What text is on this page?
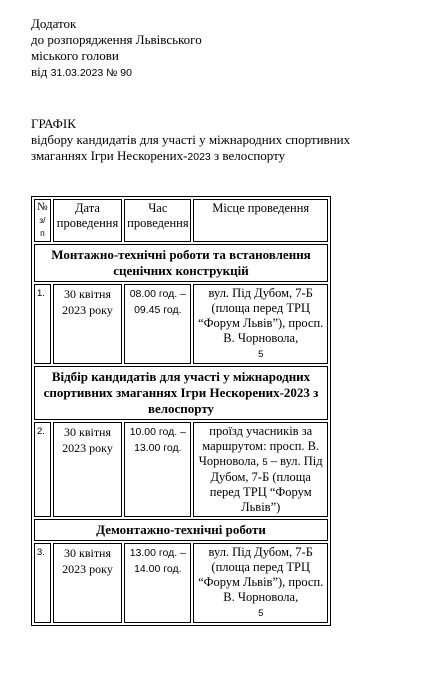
Додаток
до розпорядження Львівського
міського голови
від 31.03.2023 № 90
ГРАФІК
відбору кандидатів для участі у міжнародних спортивних
змаганнях Ігри Нескорених-2023 з велоспорту
№
з/п	Дата проведення	Час проведення	Місце проведення
Монтажно-технічні роботи та встановлення сценічних конструкцій			
1.	30 квітня 2023 року	08.00 год. – 09.45 год.	вул. Під Дубом, 7-Б (площа перед ТРЦ “Форум Львів”), просп. В. Чорновола,
5
Відбір кандидатів для участі у міжнародних спортивних змаганнях Ігри Нескорених-2023 з велоспорту			
2.	30 квітня 2023 року	10.00 год. – 13.00 год.	проїзд учасників за маршрутом: просп. В. Чорновола, 5 – вул. Під Дубом, 7-Б (площа перед ТРЦ “Форум Львів”)
Демонтажно-технічні роботи			
3.	30 квітня 2023 року	13.00 год. – 14.00 год.	вул. Під Дубом, 7-Б (площа перед ТРЦ “Форум Львів”), просп. В. Чорновола,
5
